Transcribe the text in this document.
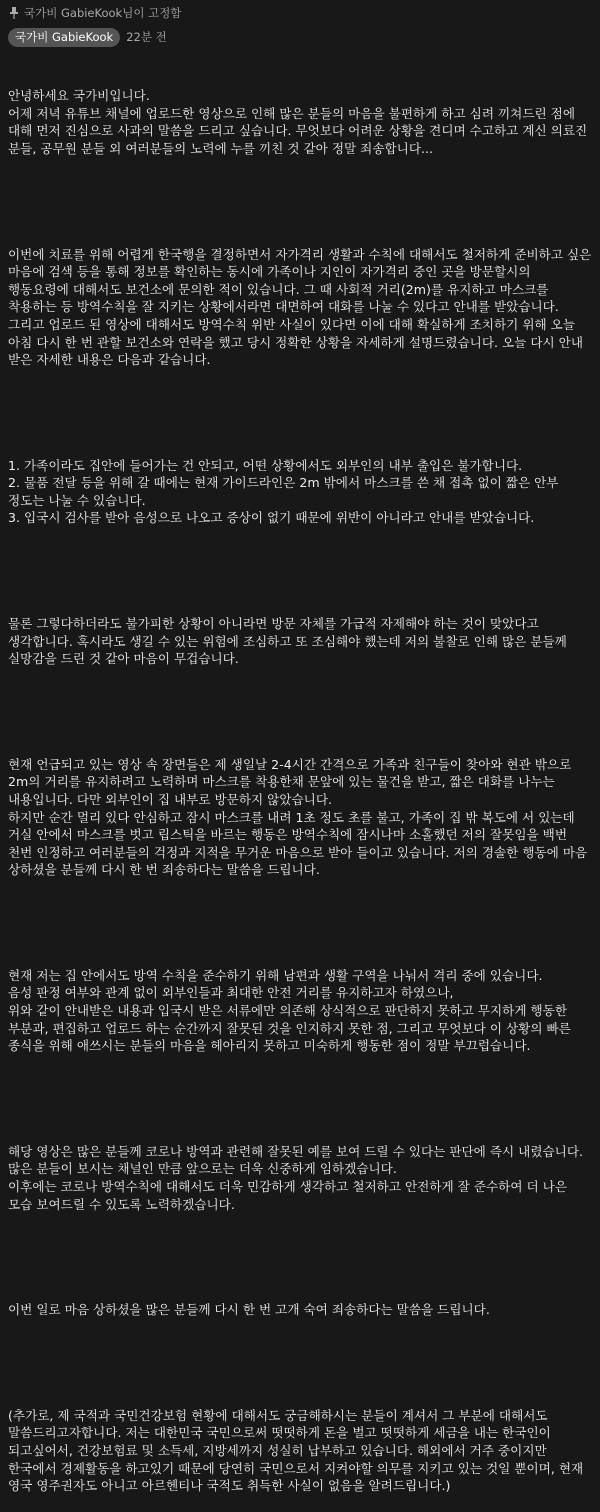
국가비 GabieKook님이 고정함
국가비 GabieKook	22분 전

안녕하세요 국가비입니다.
어제 저녁 유튜브 채널에 업로드한 영상으로 인해 많은 분들의 마음을 불편하게 하고 심려 끼쳐드린 점에 대해 먼저 진심으로 사과의 말씀을 드리고 싶습니다. 무엇보다 어려운 상황을 견디며 수고하고 계신 의료진 분들, 공무원 분들 외 여러분들의 노력에 누를 끼친 것 같아 정말 죄송합니다...

이번에 치료를 위해 어렵게 한국행을 결정하면서 자가격리 생활과 수칙에 대해서도 철저하게 준비하고 싶은 마음에 검색 등을 통해 정보를 확인하는 동시에 가족이나 지인이 자가격리 중인 곳을 방문할시의 행동요령에 대해서도 보건소에 문의한 적이 있습니다. 그 때 사회적 거리(2m)를 유지하고 마스크를 착용하는 등 방역수칙을 잘 지키는 상황에서라면 대면하여 대화를 나눌 수 있다고 안내를 받았습니다. 그리고 업로드 된 영상에 대해서도 방역수칙 위반 사실이 있다면 이에 대해 확실하게 조치하기 위해 오늘 아침 다시 한 번 관할 보건소와 연락을 했고 당시 정확한 상황을 자세하게 설명드렸습니다. 오늘 다시 안내 받은 자세한 내용은 다음과 같습니다.

1. 가족이라도 집안에 들어가는 건 안되고, 어떤 상황에서도 외부인의 내부 출입은 불가합니다.
2. 물품 전달 등을 위해 갈 때에는 현재 가이드라인은 2m 밖에서 마스크를 쓴 채 접촉 없이 짧은 안부 정도는 나눌 수 있습니다.
3. 입국시 검사를 받아 음성으로 나오고 증상이 없기 때문에 위반이 아니라고 안내를 받았습니다.

물론 그렇다하더라도 불가피한 상황이 아니라면 방문 자체를 가급적 자제해야 하는 것이 맞았다고 생각합니다. 혹시라도 생길 수 있는 위험에 조심하고 또 조심해야 했는데 저의 불찰로 인해 많은 분들께 실망감을 드린 것 같아 마음이 무겁습니다.

현재 언급되고 있는 영상 속 장면들은 제 생일날 2-4시간 간격으로 가족과 친구들이 찾아와 현관 밖으로 2m의 거리를 유지하려고 노력하며 마스크를 착용한채 문앞에 있는 물건을 받고, 짧은 대화를 나누는 내용입니다. 다만 외부인이 집 내부로 방문하지 않았습니다.
하지만 순간 멀리 있다 안심하고 잠시 마스크를 내려 1초 정도 초를 불고, 가족이 집 밖 복도에 서 있는데 거실 안에서 마스크를 벗고 립스틱을 바르는 행동은 방역수칙에 잠시나마 소홀했던 저의 잘못임을 백번 천번 인정하고 여러분들의 걱정과 지적을 무거운 마음으로 받아 들이고 있습니다. 저의 경솔한 행동에 마음 상하셨을 분들께 다시 한 번 죄송하다는 말씀을 드립니다.

현재 저는 집 안에서도 방역 수칙을 준수하기 위해 남편과 생활 구역을 나눠서 격리 중에 있습니다.
음성 판정 여부와 관계 없이 외부인들과 최대한 안전 거리를 유지하고자 하였으나,
위와 같이 안내받은 내용과 입국시 받은 서류에만 의존해 상식적으로 판단하지 못하고 무지하게 행동한 부분과, 편집하고 업로드 하는 순간까지 잘못된 것을 인지하지 못한 점, 그리고 무엇보다 이 상황의 빠른 종식을 위해 애쓰시는 분들의 마음을 헤아리지 못하고 미숙하게 행동한 점이 정말 부끄럽습니다.

해당 영상은 많은 분들께 코로나 방역과 관련해 잘못된 예를 보여 드릴 수 있다는 판단에 즉시 내렸습니다. 많은 분들이 보시는 채널인 만큼 앞으로는 더욱 신중하게 임하겠습니다.
이후에는 코로나 방역수칙에 대해서도 더욱 민감하게 생각하고 철저하고 안전하게 잘 준수하여 더 나은 모습 보여드릴 수 있도록 노력하겠습니다.

이번 일로 마음 상하셨을 많은 분들께 다시 한 번 고개 숙여 죄송하다는 말씀을 드립니다.

(추가로, 제 국적과 국민건강보험 현황에 대해서도 궁금해하시는 분들이 계셔서 그 부분에 대해서도 말씀드리고자합니다. 저는 대한민국 국민으로써 떳떳하게 돈을 벌고 떳떳하게 세금을 내는 한국인이 되고싶어서, 건강보험료 및 소득세, 지방세까지 성실히 납부하고 있습니다. 해외에서 거주 중이지만 한국에서 경제활동을 하고있기 때문에 당연히 국민으로서 지켜야할 의무를 지키고 있는 것일 뿐이며, 현재 영국 영주권자도 아니고 아르헨티나 국적도 취득한 사실이 없음을 알려드립니다.)
